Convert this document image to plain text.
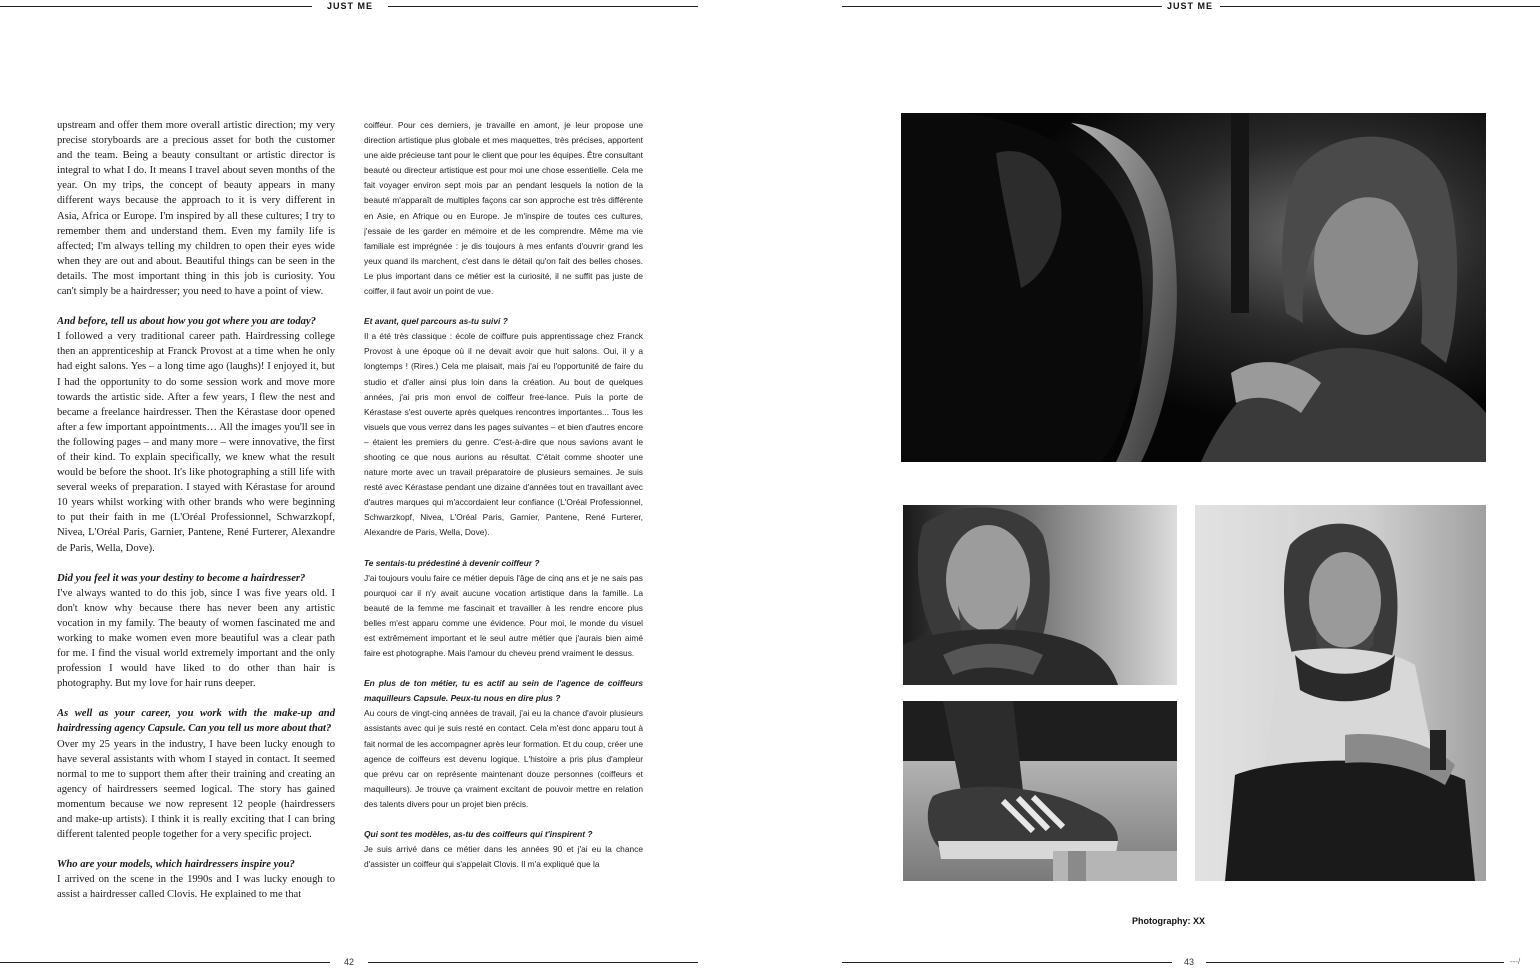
JUST ME

upstream and offer them more overall artistic direction; my very precise storyboards are a precious asset for both the customer and the team. Being a beauty consultant or artistic director is integral to what I do. It means I travel about seven months of the year. On my trips, the concept of beauty appears in many different ways because the approach to it is very different in Asia, Africa or Europe. I'm inspired by all these cultures; I try to remember them and understand them. Even my family life is affected; I'm always telling my children to open their eyes wide when they are out and about. Beautiful things can be seen in the details. The most important thing in this job is curiosity. You can't simply be a hairdresser; you need to have a point of view.

And before, tell us about how you got where you are today?
I followed a very traditional career path. Hairdressing college then an apprenticeship at Franck Provost at a time when he only had eight salons. Yes – a long time ago (laughs)! I enjoyed it, but I had the opportunity to do some session work and move more towards the artistic side. After a few years, I flew the nest and became a freelance hairdresser. Then the Kérastase door opened after a few important appointments… All the images you'll see in the following pages – and many more – were innovative, the first of their kind. To explain specifically, we knew what the result would be before the shoot. It's like photographing a still life with several weeks of preparation. I stayed with Kérastase for around 10 years whilst working with other brands who were beginning to put their faith in me (L'Oréal Professionnel, Schwarzkopf, Nivea, L'Oréal Paris, Garnier, Pantene, René Furterer, Alexandre de Paris, Wella, Dove).

Did you feel it was your destiny to become a hairdresser?
I've always wanted to do this job, since I was five years old. I don't know why because there has never been any artistic vocation in my family. The beauty of women fascinated me and working to make women even more beautiful was a clear path for me. I find the visual world extremely important and the only profession I would have liked to do other than hair is photography. But my love for hair runs deeper.

As well as your career, you work with the make-up and hairdressing agency Capsule. Can you tell us more about that?
Over my 25 years in the industry, I have been lucky enough to have several assistants with whom I stayed in contact. It seemed normal to me to support them after their training and creating an agency of hairdressers seemed logical. The story has gained momentum because we now represent 12 people (hairdressers and make-up artists). I think it is really exciting that I can bring different talented people together for a very specific project.

Who are your models, which hairdressers inspire you?
I arrived on the scene in the 1990s and I was lucky enough to assist a hairdresser called Clovis. He explained to me that

coiffeur. Pour ces derniers, je travaille en amont, je leur propose une direction artistique plus globale et mes maquettes, très précises, apportent une aide précieuse tant pour le client que pour les équipes. Être consultant beauté ou directeur artistique est pour moi une chose essentielle. Cela me fait voyager environ sept mois par an pendant lesquels la notion de la beauté m'apparaît de multiples façons car son approche est très différente en Asie, en Afrique ou en Europe. Je m'inspire de toutes ces cultures, j'essaie de les garder en mémoire et de les comprendre. Même ma vie familiale est imprégnée : je dis toujours à mes enfants d'ouvrir grand les yeux quand ils marchent, c'est dans le détail qu'on fait des belles choses. Le plus important dans ce métier est la curiosité, il ne suffit pas juste de coiffer, il faut avoir un point de vue.

Et avant, quel parcours as-tu suivi ?
Il a été très classique : école de coiffure puis apprentissage chez Franck Provost à une époque où il ne devait avoir que huit salons. Oui, il y a longtemps ! (Rires.) Cela me plaisait, mais j'ai eu l'opportunité de faire du studio et d'aller ainsi plus loin dans la création. Au bout de quelques années, j'ai pris mon envol de coiffeur free-lance. Puis la porte de Kérastase s'est ouverte après quelques rencontres importantes... Tous les visuels que vous verrez dans les pages suivantes – et bien d'autres encore – étaient les premiers du genre. C'est-à-dire que nous savions avant le shooting ce que nous aurions au résultat. C'était comme shooter une nature morte avec un travail préparatoire de plusieurs semaines. Je suis resté avec Kérastase pendant une dizaine d'années tout en travaillant avec d'autres marques qui m'accordaient leur confiance (L'Oréal Professionnel, Schwarzkopf, Nivea, L'Oréal Paris, Garnier, Pantene, René Furterer, Alexandre de Paris, Wella, Dove).

Te sentais-tu prédestiné à devenir coiffeur ?
J'ai toujours voulu faire ce métier depuis l'âge de cinq ans et je ne sais pas pourquoi car il n'y avait aucune vocation artistique dans la famille. La beauté de la femme me fascinait et travailler à les rendre encore plus belles m'est apparu comme une évidence. Pour moi, le monde du visuel est extrêmement important et le seul autre métier que j'aurais bien aimé faire est photographe. Mais l'amour du cheveu prend vraiment le dessus.

En plus de ton métier, tu es actif au sein de l'agence de coiffeurs maquilleurs Capsule. Peux-tu nous en dire plus ?
Au cours de vingt-cinq années de travail, j'ai eu la chance d'avoir plusieurs assistants avec qui je suis resté en contact. Cela m'est donc apparu tout à fait normal de les accompagner après leur formation. Et du coup, créer une agence de coiffeurs est devenu logique. L'histoire a pris plus d'ampleur que prévu car on représente maintenant douze personnes (coiffeurs et maquilleurs). Je trouve ça vraiment excitant de pouvoir mettre en relation des talents divers pour un projet bien précis.

Qui sont tes modèles, as-tu des coiffeurs qui t'inspirent ?
Je suis arrivé dans ce métier dans les années 90 et j'ai eu la chance d'assister un coiffeur qui s'appelait Clovis. Il m'a expliqué que la

42
JUST ME
Photography: XX
43	---/
